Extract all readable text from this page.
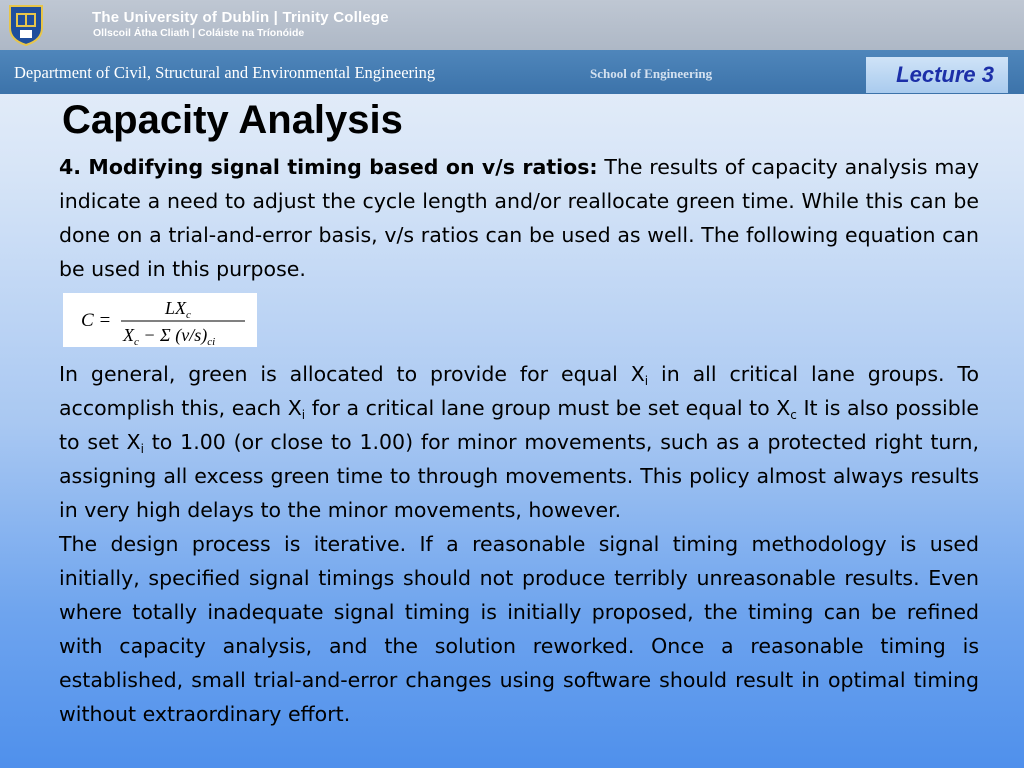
The University of Dublin | Trinity College
Ollscoil Átha Cliath | Coláiste na Tríonóide
Department of Civil, Structural and Environmental Engineering	School of Engineering	Lecture 3
Capacity Analysis

4. Modifying signal timing based on v/s ratios: The results of capacity analysis may indicate a need to adjust the cycle length and/or reallocate green time. While this can be done on a trial-and-error basis, v/s ratios can be used as well. The following equation can be used in this purpose.

C =
$LX_c$
$X_c - \Sigma$ $(v/s)_{ci}$

In general, green is allocated to provide for equal $X_i$ in all critical lane groups. To accomplish this, each $X_i$ for a critical lane group must be set equal to $X_c$ It is also possible to set $X_i$ to 1.00 (or close to 1.00) for minor movements, such as a protected right turn, assigning all excess green time to through movements. This policy almost always results in very high delays to the minor movements, however.

The design process is iterative. If a reasonable signal timing methodology is used initially, specified signal timings should not produce terribly unreasonable results. Even where totally inadequate signal timing is initially proposed, the timing can be refined with capacity analysis, and the solution reworked. Once a reasonable timing is established, small trial-and-error changes using software should result in optimal timing without extraordinary effort.
